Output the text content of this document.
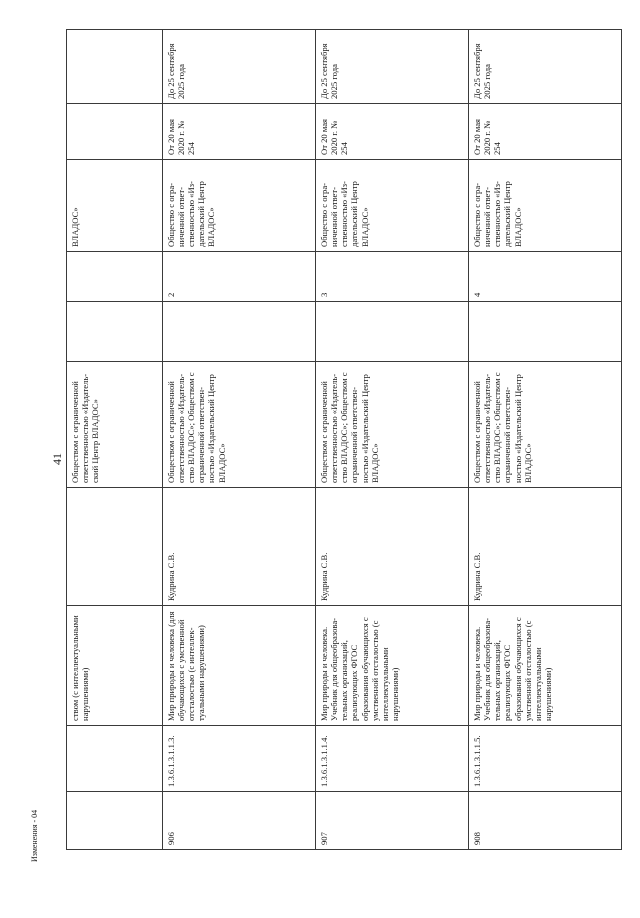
41
		ством (с интеллектуальными нарушениями)		Обществом с ограниченной ответственностью «Издательский Центр ВЛАДОС»			ВЛАДОС»		
906	1.3.6.1.3.1.1.3.	Мир природы и человека (для обучающихся с умственной отсталостью (с интеллектуальными нарушениями)	Кудрина С.В.	Обществом с ограниченной ответственностью «Издательство ВЛАДОС»; Обществом с ограниченной ответственностью «Издательский Центр ВЛАДОС»		2	Общество с ограниченной ответственностью «Издательский Центр ВЛАДОС»	От 20 мая 2020 г. № 254	До 25 сентября 2025 года
907	1.3.6.1.3.1.1.4.	Мир природы и человека. Учебник для общеобразовательных организаций, реализующих ФГОС образования обучающихся с умственной отсталостью (с интеллектуальными нарушениями)	Кудрина С.В.	Обществом с ограниченной ответственностью «Издательство ВЛАДОС»; Обществом с ограниченной ответственностью «Издательский Центр ВЛАДОС»		3	Общество с ограниченной ответственностью «Издательский Центр ВЛАДОС»	От 20 мая 2020 г. № 254	До 25 сентября 2025 года
908	1.3.6.1.3.1.1.5.	Мир природы и человека. Учебник для общеобразовательных организаций, реализующих ФГОС образования обучающихся с умственной отсталостью (с интеллектуальными нарушениями)	Кудрина С.В.	Обществом с ограниченной ответственностью «Издательство ВЛАДОС»; Обществом с ограниченной ответственностью «Издательский Центр ВЛАДОС»		4	Общество с ограниченной ответственностью «Издательский Центр ВЛАДОС»	От 20 мая 2020 г. № 254	До 25 сентября 2025 года
Изменения - 04
